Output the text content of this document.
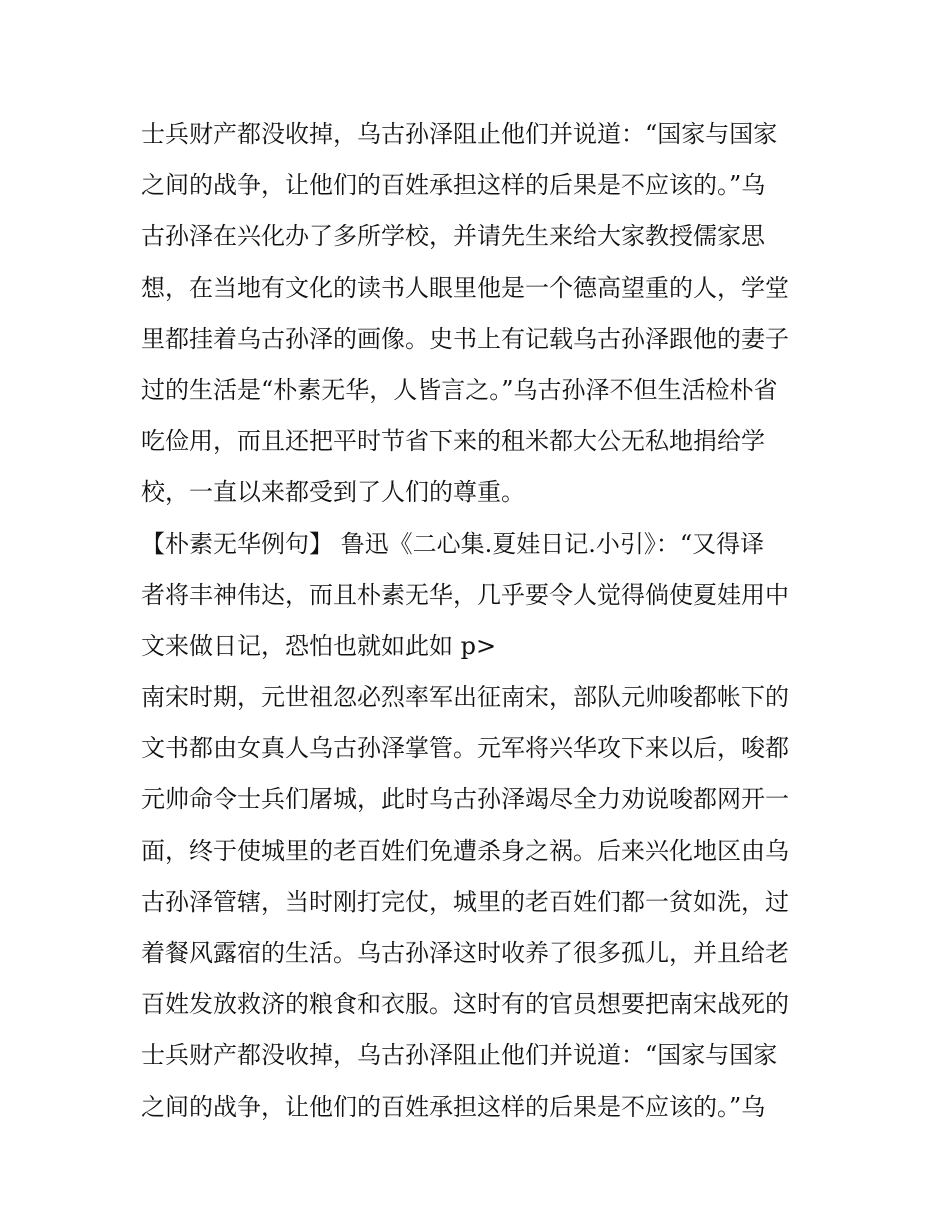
士兵财产都没收掉，乌古孙泽阻止他们并说道：“国家与国家
之间的战争，让他们的百姓承担这样的后果是不应该的。”乌
古孙泽在兴化办了多所学校，并请先生来给大家教授儒家思
想，在当地有文化的读书人眼里他是一个德高望重的人，学堂
里都挂着乌古孙泽的画像。史书上有记载乌古孙泽跟他的妻子
过的生活是“朴素无华，人皆言之。”乌古孙泽不但生活检朴省
吃俭用，而且还把平时节省下来的租米都大公无私地捐给学
校，一直以来都受到了人们的尊重。
【朴素无华例句】 鲁迅《二心集.夏娃日记.小引》：“又得译
者将丰神伟达，而且朴素无华，几乎要令人觉得倘使夏娃用中
文来做日记，恐怕也就如此如 p>
南宋时期，元世祖忽必烈率军出征南宋，部队元帅唆都帐下的
文书都由女真人乌古孙泽掌管。元军将兴华攻下来以后，唆都
元帅命令士兵们屠城，此时乌古孙泽竭尽全力劝说唆都网开一
面，终于使城里的老百姓们免遭杀身之祸。后来兴化地区由乌
古孙泽管辖，当时刚打完仗，城里的老百姓们都一贫如洗，过
着餐风露宿的生活。乌古孙泽这时收养了很多孤儿，并且给老
百姓发放救济的粮食和衣服。这时有的官员想要把南宋战死的
士兵财产都没收掉，乌古孙泽阻止他们并说道：“国家与国家
之间的战争，让他们的百姓承担这样的后果是不应该的。”乌
